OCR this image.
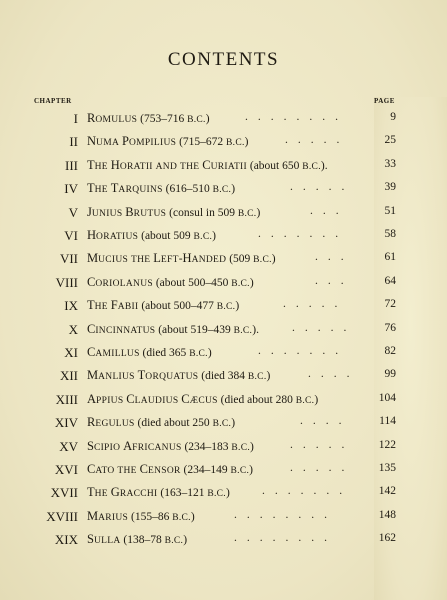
CONTENTS
CHAPTER	PAGE
I ROMULUS (753–716 B.C.)	........	9
II NUMA POMPILIUS (715–672 B.C.)	.....	25
III THE HORATII AND THE CURIATII (about 650 B.C.).	33
IV THE TARQUINS (616–510 B.C.)	.....	39
V JUNIUS BRUTUS (consul in 509 B.C.)	...	51
VI HORATIUS (about 509 B.C.)	.......	58
VII MUCIUS THE LEFT-HANDED (509 B.C.)	...	61
VIII CORIOLANUS (about 500–450 B.C.)	...	64
IX THE FABII (about 500–477 B.C.)	.....	72
X CINCINNATUS (about 519–439 B.C.).	.....	76
XI CAMILLUS (died 365 B.C.)	.......	82
XII MANLIUS TORQUATUS (died 384 B.C.)	....	99
XIII APPIUS CLAUDIUS CÆCUS (died about 280 B.C.)	104
XIV REGULUS (died about 250 B.C.)	....	114
XV SCIPIO AFRICANUS (234–183 B.C.)	.....	122
XVI CATO THE CENSOR (234–149 B.C.)	.....	135
XVII THE GRACCHI (163–121 B.C.)	.......	142
XVIII MARIUS (155–86 B.C.)	........	148
XIX SULLA (138–78 B.C.)	........	162
